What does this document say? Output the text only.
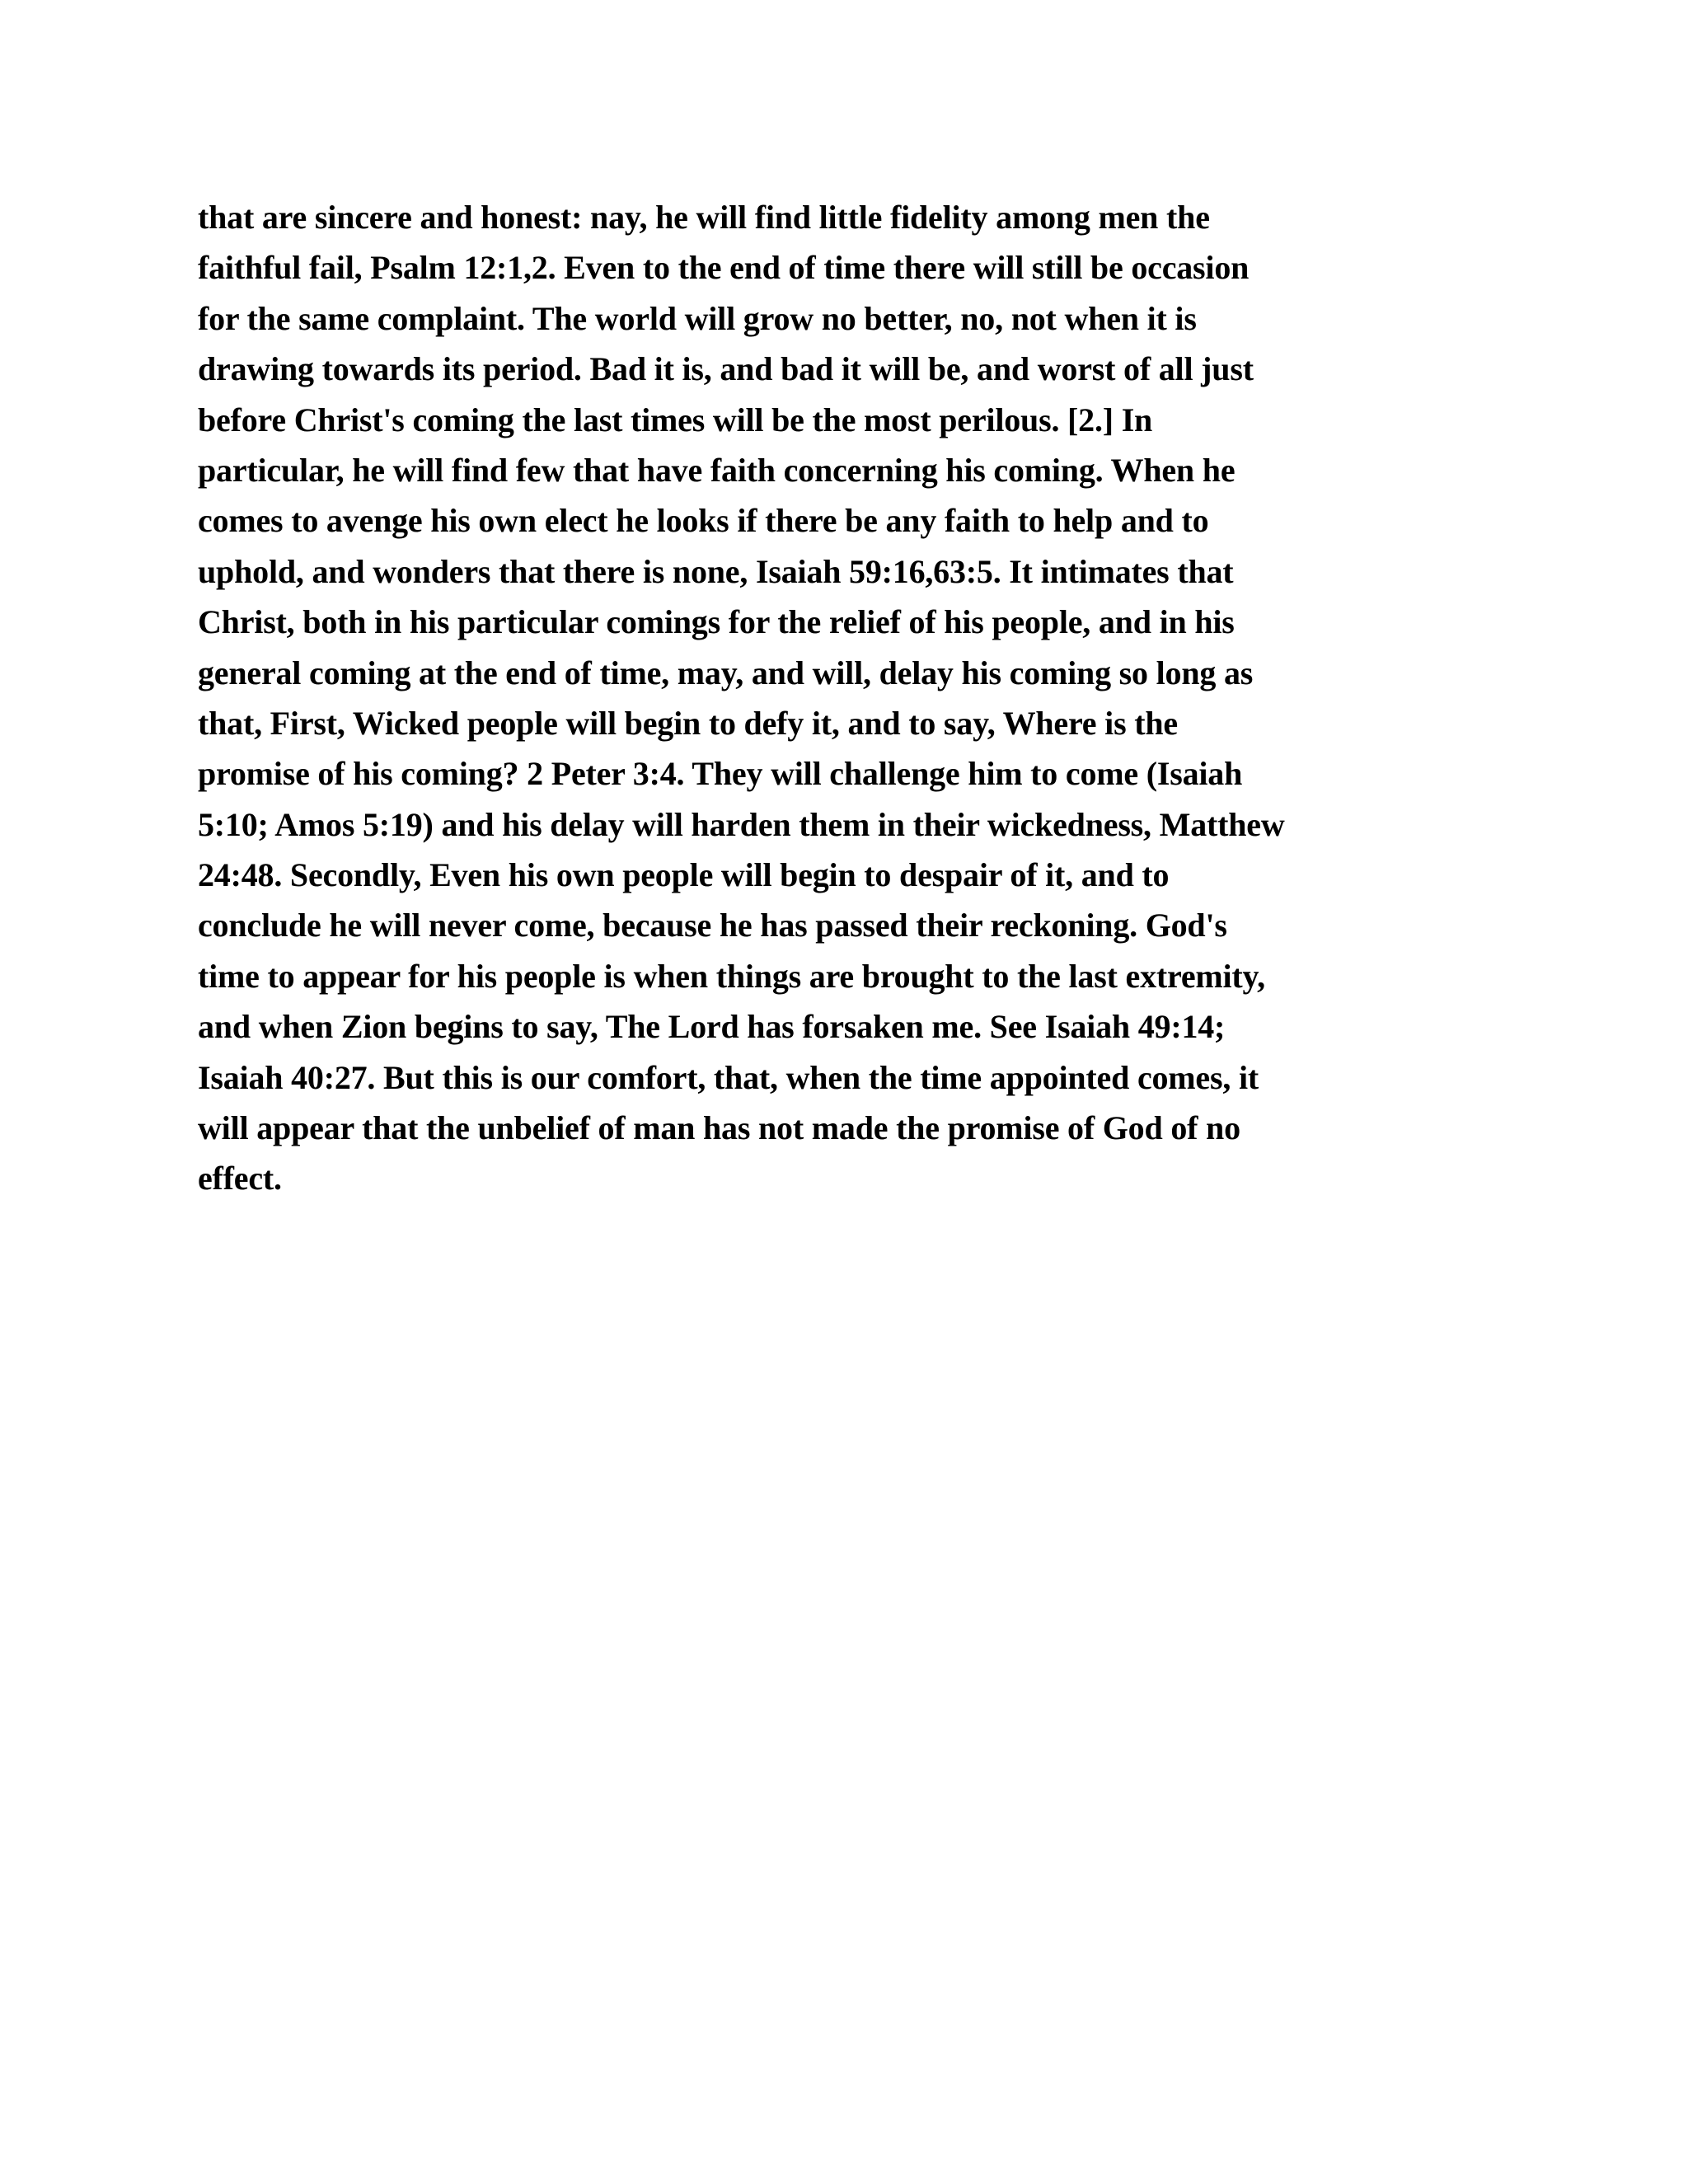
that are sincere and honest: nay, he will find little fidelity among men the
faithful fail, Psalm 12:1,2. Even to the end of time there will still be occasion
for the same complaint. The world will grow no better, no, not when it is
drawing towards its period. Bad it is, and bad it will be, and worst of all just
before Christ's coming the last times will be the most perilous. [2.] In
particular, he will find few that have faith concerning his coming. When he
comes to avenge his own elect he looks if there be any faith to help and to
uphold, and wonders that there is none, Isaiah 59:16,63:5. It intimates that
Christ, both in his particular comings for the relief of his people, and in his
general coming at the end of time, may, and will, delay his coming so long as
that, First, Wicked people will begin to defy it, and to say, Where is the
promise of his coming? 2 Peter 3:4. They will challenge him to come (Isaiah
5:10; Amos 5:19) and his delay will harden them in their wickedness, Matthew
24:48. Secondly, Even his own people will begin to despair of it, and to
conclude he will never come, because he has passed their reckoning. God's
time to appear for his people is when things are brought to the last extremity,
and when Zion begins to say, The Lord has forsaken me. See Isaiah 49:14;
Isaiah 40:27. But this is our comfort, that, when the time appointed comes, it
will appear that the unbelief of man has not made the promise of God of no
effect.
